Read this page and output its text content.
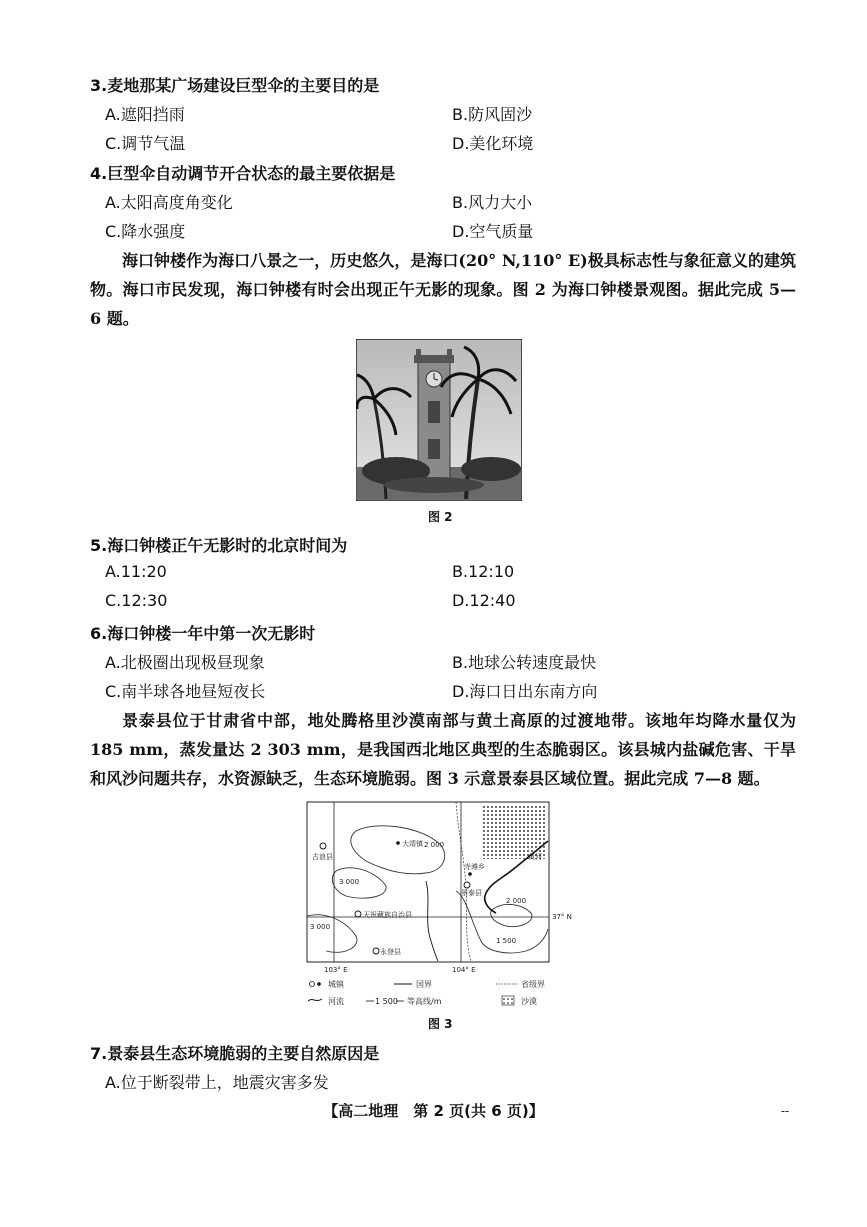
3.麦地那某广场建设巨型伞的主要目的是
A.遮阳挡雨	B.防风固沙
C.调节气温	D.美化环境
4.巨型伞自动调节开合状态的最主要依据是
A.太阳高度角变化	B.风力大小
C.降水强度	D.空气质量
海口钟楼作为海口八景之一，历史悠久，是海口(20° N,110° E)极具标志性与象征意义的建筑物。海口市民发现，海口钟楼有时会出现正午无影的现象。图 2 为海口钟楼景观图。据此完成 5—6 题。
图 2
5.海口钟楼正午无影时的北京时间为
A.11:20	B.12:10
C.12:30	D.12:40
6.海口钟楼一年中第一次无影时
A.北极圈出现极昼现象	B.地球公转速度最快
C.南半球各地昼短夜长	D.海口日出东南方向
景泰县位于甘肃省中部，地处腾格里沙漠南部与黄土高原的过渡地带。该地年均降水量仅为 185 mm，蒸发量达 2 303 mm，是我国西北地区典型的生态脆弱区。该县城内盐碱危害、干旱和风沙问题共存，水资源缺乏，生态环境脆弱。图 3 示意景泰县区域位置。据此完成 7—8 题。
古浪县
大靖镇 2 000
3 000
寺滩乡
景泰县
黄河
2 000
天祝藏族自治县	37° N
3 000
永登县
1 500
103° E	104° E
城镇	国界	省级界
河流	1 500 等高线/m	沙漠
图 3
7.景泰县生态环境脆弱的主要自然原因是
A.位于断裂带上，地震灾害多发
【高二地理　第 2 页(共 6 页)】	--
